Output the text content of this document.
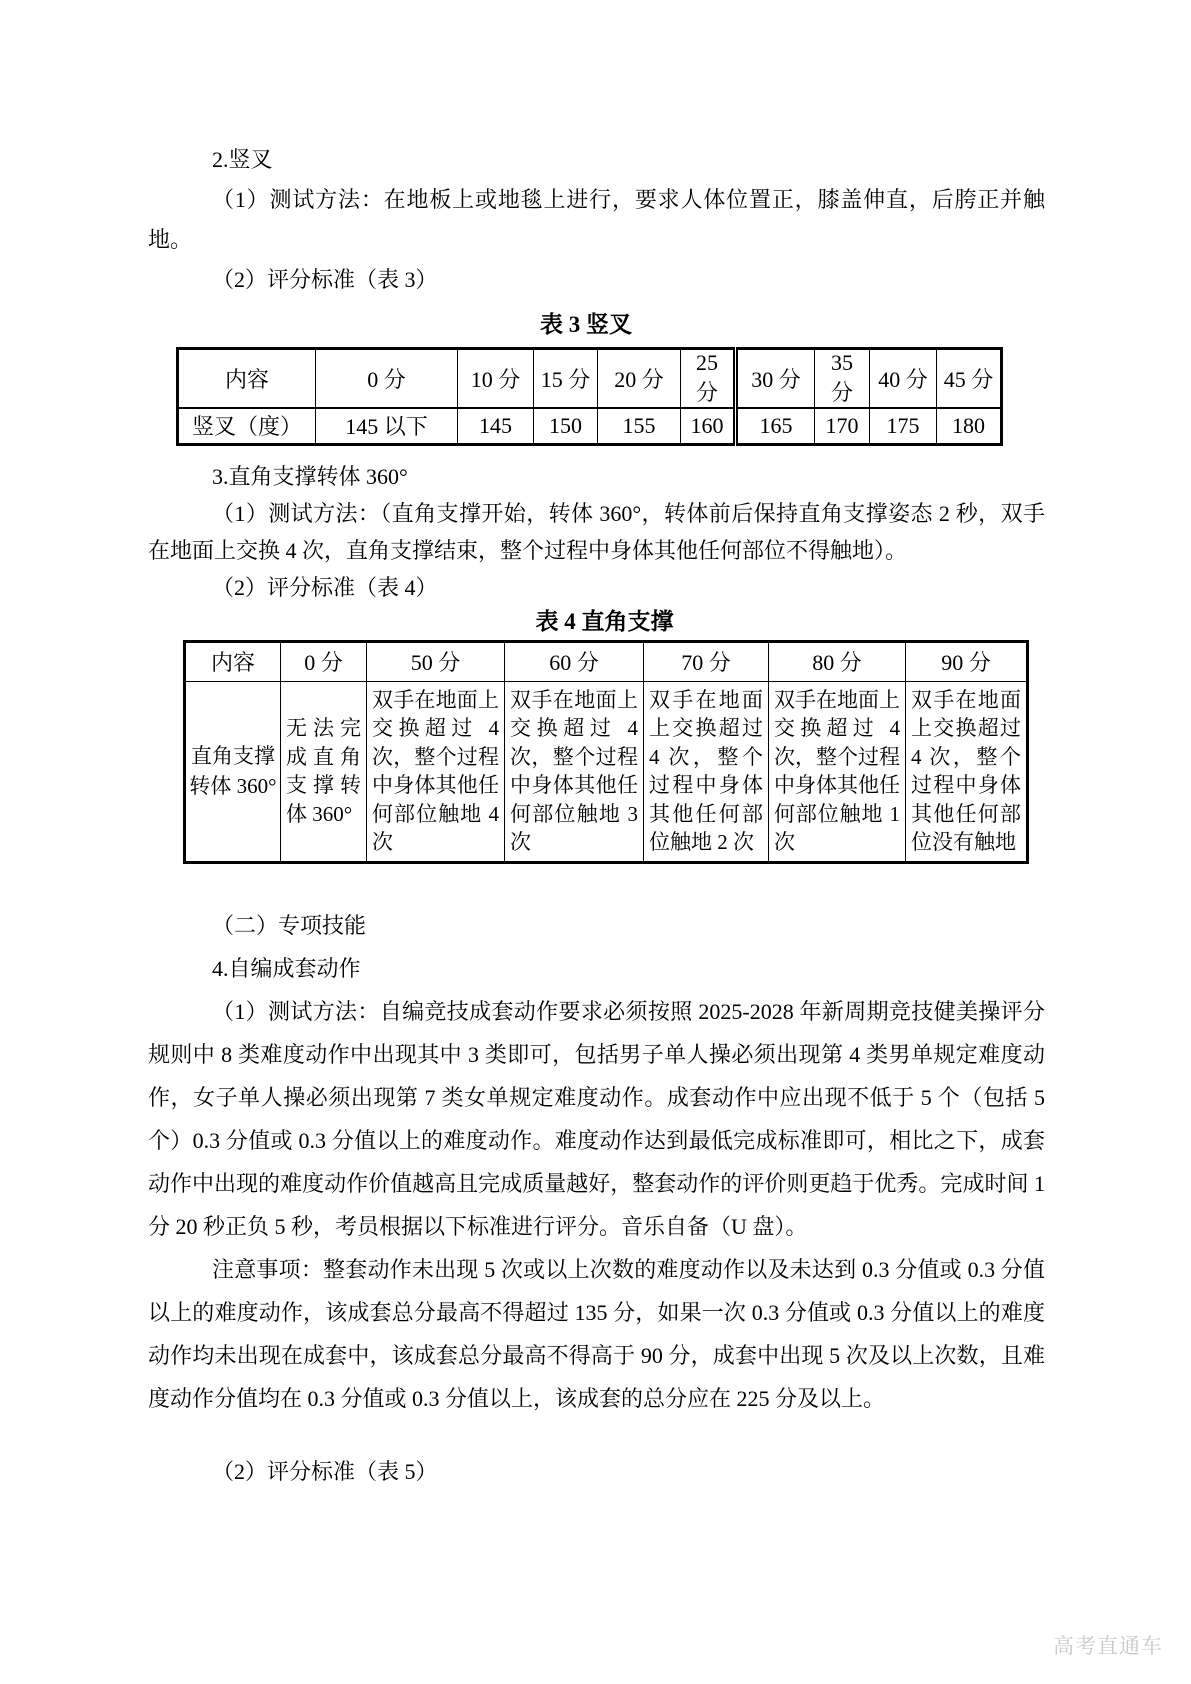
2.竖叉

（1）测试方法：在地板上或地毯上进行，要求人体位置正，膝盖伸直，后胯正并触地。

（2）评分标准（表 3）

表 3 竖叉

内容	0 分	10 分	15 分	20 分	25 分	30 分	35 分	40 分	45 分
竖叉（度）	145 以下	145	150	155	160	165	170	175	180

3.直角支撑转体 360°

（1）测试方法：（直角支撑开始，转体 360°，转体前后保持直角支撑姿态 2 秒，双手在地面上交换 4 次，直角支撑结束，整个过程中身体其他任何部位不得触地）。

（2）评分标准（表 4）

表 4 直角支撑

内容	0 分	50 分	60 分	70 分	80 分	90 分
直角支撑转体 360°	无法完成直角支撑转体 360°	双手在地面上交换超过 4 次，整个过程中身体其他任何部位触地 4 次	双手在地面上交换超过 4 次，整个过程中身体其他任何部位触地 3 次	双手在地面上交换超过 4 次，整个过程中身体其他任何部位触地 2 次	双手在地面上交换超过 4 次，整个过程中身体其他任何部位触地 1 次	双手在地面上交换超过 4 次，整个过程中身体其他任何部位没有触地

（二）专项技能

4.自编成套动作

（1）测试方法：自编竞技成套动作要求必须按照 2025-2028 年新周期竞技健美操评分规则中 8 类难度动作中出现其中 3 类即可，包括男子单人操必须出现第 4 类男单规定难度动作，女子单人操必须出现第 7 类女单规定难度动作。成套动作中应出现不低于 5 个（包括 5 个）0.3 分值或 0.3 分值以上的难度动作。难度动作达到最低完成标准即可，相比之下，成套动作中出现的难度动作价值越高且完成质量越好，整套动作的评价则更趋于优秀。完成时间 1 分 20 秒正负 5 秒，考员根据以下标准进行评分。音乐自备（U 盘）。

注意事项：整套动作未出现 5 次或以上次数的难度动作以及未达到 0.3 分值或 0.3 分值以上的难度动作，该成套总分最高不得超过 135 分，如果一次 0.3 分值或 0.3 分值以上的难度动作均未出现在成套中，该成套总分最高不得高于 90 分，成套中出现 5 次及以上次数，且难度动作分值均在 0.3 分值或 0.3 分值以上，该成套的总分应在 225 分及以上。

（2）评分标准（表 5）

高考直通车
